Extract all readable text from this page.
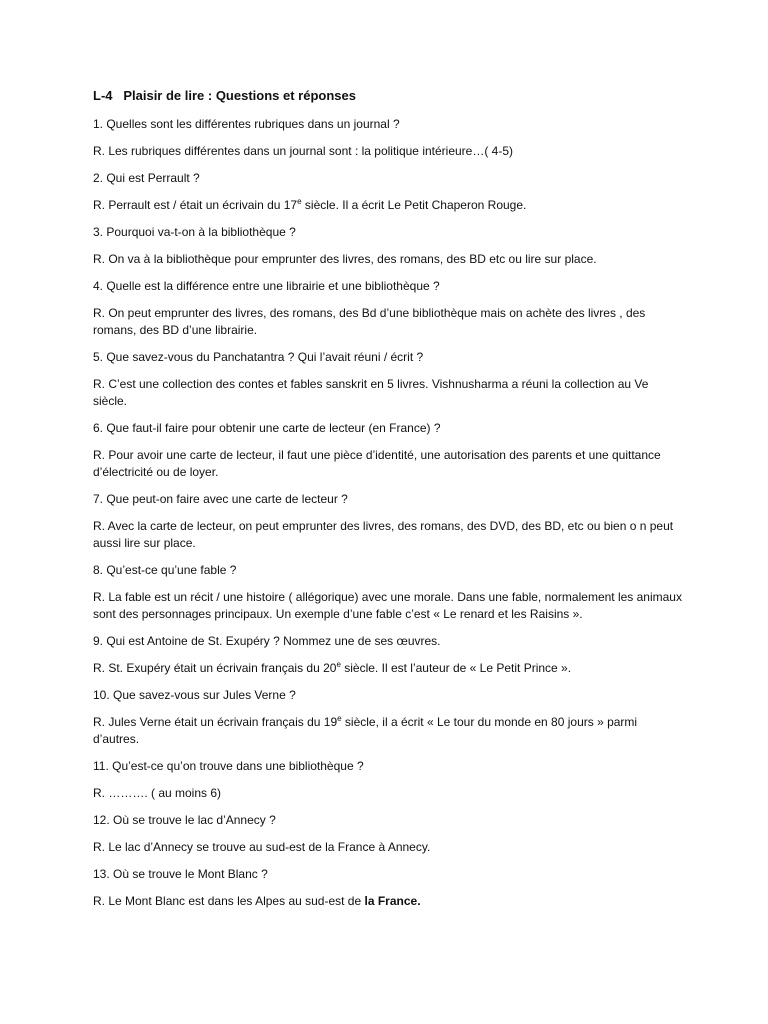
L-4   Plaisir de lire : Questions et réponses
1. Quelles sont les différentes rubriques dans un journal ?
R. Les rubriques différentes dans un journal sont : la politique intérieure…( 4-5)
2. Qui est Perrault ?
R. Perrault est / était un écrivain du 17e siècle. Il a écrit Le Petit Chaperon Rouge.
3. Pourquoi va-t-on à la bibliothèque ?
R. On va à la bibliothèque pour emprunter des livres, des romans, des BD etc ou lire sur place.
4. Quelle est la différence entre une librairie et une bibliothèque ?
R. On peut emprunter des livres, des romans, des Bd d’une bibliothèque mais on achète des livres , des romans, des BD d’une librairie.
5. Que savez-vous du Panchatantra ? Qui l’avait réuni / écrit ?
R. C’est une collection des contes et fables sanskrit en 5 livres. Vishnusharma a réuni la collection au Ve siècle.
6. Que faut-il faire pour obtenir une carte de lecteur (en France) ?
R. Pour avoir une carte de lecteur, il faut une pièce d’identité, une autorisation des parents et une quittance d’électricité ou de loyer.
7. Que peut-on faire avec une carte de lecteur ?
R. Avec la carte de lecteur, on peut emprunter des livres, des romans, des DVD, des BD, etc ou bien o n peut aussi lire sur place.
8. Qu’est-ce qu’une fable ?
R. La fable est un récit / une histoire ( allégorique) avec une morale. Dans une fable, normalement les animaux sont des personnages principaux. Un exemple d’une fable c’est « Le renard et les Raisins ».
9. Qui est Antoine de St. Exupéry ? Nommez une de ses œuvres.
R. St. Exupéry était un écrivain français du 20e siècle. Il est l’auteur de « Le Petit Prince ».
10. Que savez-vous sur Jules Verne ?
R. Jules Verne était un écrivain français du 19e siècle, il a écrit « Le tour du monde en 80 jours » parmi d’autres.
11. Qu’est-ce qu’on trouve dans une bibliothèque ?
R. ………. ( au moins 6)
12. Où se trouve le lac d’Annecy ?
R. Le lac d’Annecy se trouve au sud-est de la France à Annecy.
13. Où se trouve le Mont Blanc ?
R. Le Mont Blanc est dans les Alpes au sud-est de la France.
